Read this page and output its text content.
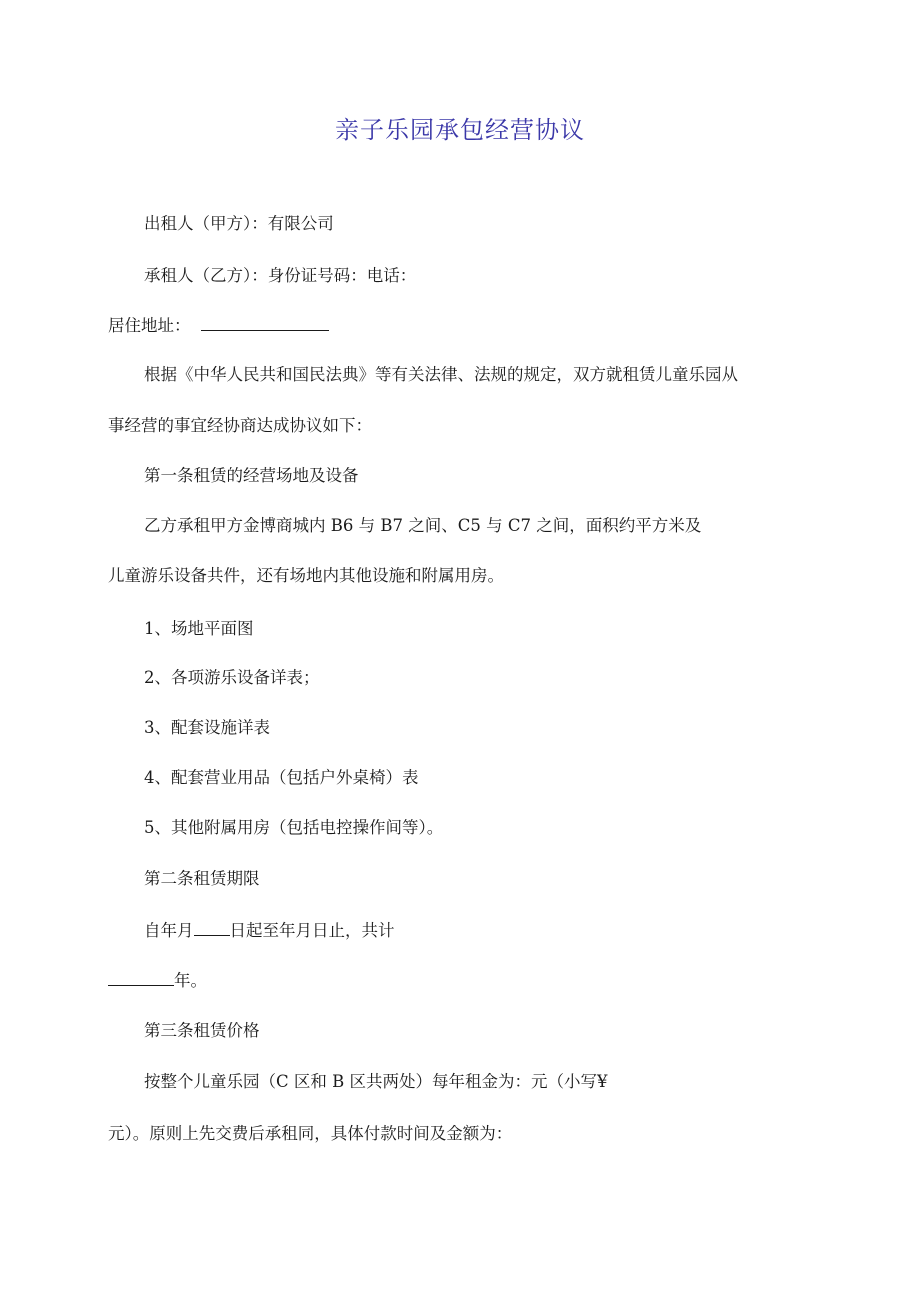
亲子乐园承包经营协议

出租人（甲方）：有限公司

承租人（乙方）：身份证号码：电话：

居住地址：

根据《中华人民共和国民法典》等有关法律、法规的规定，双方就租赁儿童乐园从

事经营的事宜经协商达成协议如下：

第一条租赁的经营场地及设备

乙方承租甲方金博商城内 B6 与 B7 之间、C5 与 C7 之间，面积约平方米及

儿童游乐设备共件，还有场地内其他设施和附属用房。

1、场地平面图

2、各项游乐设备详表；

3、配套设施详表

4、配套营业用品（包括户外桌椅）表

5、其他附属用房（包括电控操作间等）。

第二条租赁期限

自年月 日起至年月日止，共计

年。

第三条租赁价格

按整个儿童乐园（C 区和 B 区共两处）每年租金为：元（小写¥

元）。原则上先交费后承租同，具体付款时间及金额为：
